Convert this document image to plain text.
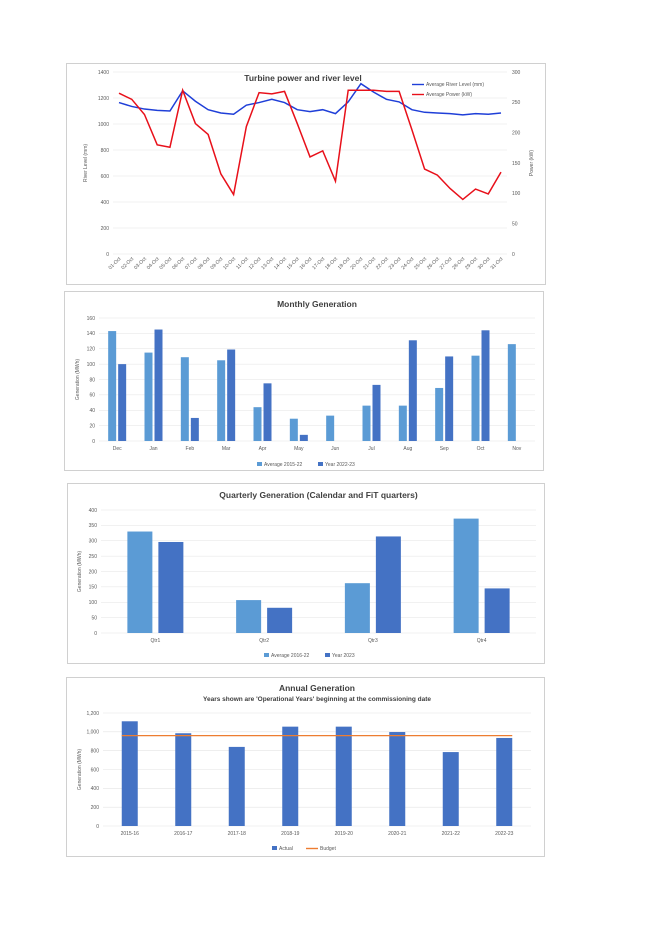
Turbine power and river level
0
200
400
600
800
1000
1200
1400
0
50
100
150
200
250
300
River Level (mm)	Power (kW)
01-Oct
02-Oct
03-Oct
04-Oct
05-Oct
06-Oct
07-Oct
08-Oct
09-Oct
10-Oct
11-Oct
12-Oct
13-Oct
14-Oct
15-Oct
16-Oct
17-Oct
18-Oct
19-Oct
20-Oct
21-Oct
22-Oct
23-Oct
24-Oct
25-Oct
26-Oct
27-Oct
28-Oct
29-Oct
30-Oct
31-Oct
Average River Level (mm)
Average Power (kW)
Monthly Generation
0
20
40
60
80
100
120
140
160
Generation (MWh)
Dec	Jan	Feb	Mar	Apr	May	Jun	Jul	Aug	Sep	Oct	Nov
Average 2015-22	Year 2022-23
Quarterly Generation (Calendar and FiT quarters)
0
50
100
150
200
250
300
350
400
Generation (MWh)
Qtr1	Qtr2	Qtr3	Qtr4
Average 2016-22	Year 2023
Annual Generation
Years shown are 'Operational Years' beginning at the commissioning date
0
200
400
600
800
1,000
1,200
Generation (MWh)
2015-16	2016-17	2017-18	2018-19	2019-20	2020-21	2021-22	2022-23
Actual	Budget
